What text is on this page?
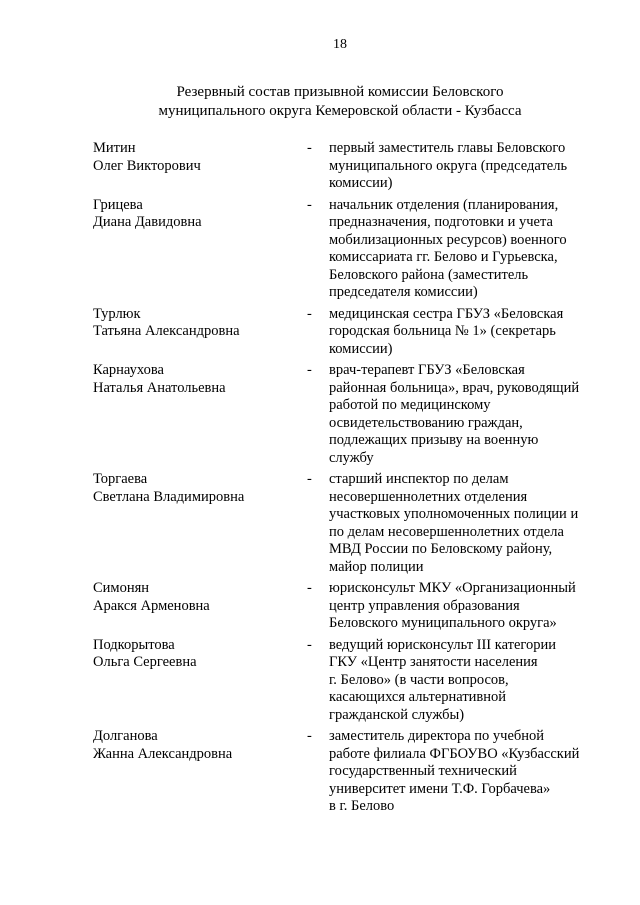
18
Резервный состав призывной комиссии Беловского
муниципального округа Кемеровской области - Кузбасса
Митин
Олег Викторович
- первый заместитель главы Беловского
муниципального округа (председатель
комиссии)
Грицева
Диана Давидовна
- начальник отделения (планирования,
предназначения, подготовки и учета
мобилизационных ресурсов) военного
комиссариата гг. Белово и Гурьевска,
Беловского района (заместитель
председателя комиссии)
Турлюк
Татьяна Александровна
- медицинская сестра ГБУЗ «Беловская
городская больница № 1» (секретарь
комиссии)
Карнаухова
Наталья Анатольевна
- врач-терапевт ГБУЗ «Беловская
районная больница», врач, руководящий
работой по медицинскому
освидетельствованию граждан,
подлежащих призыву на военную
службу
Торгаева
Светлана Владимировна
- старший инспектор по делам
несовершеннолетних отделения
участковых уполномоченных полиции и
по делам несовершеннолетних отдела
МВД России по Беловскому району,
майор полиции
Симонян
Аракся Арменовна
- юрисконсульт МКУ «Организационный
центр управления образования
Беловского муниципального округа»
Подкорытова
Ольга Сергеевна
- ведущий юрисконсульт III категории
ГКУ «Центр занятости населения
г. Белово» (в части вопросов,
касающихся альтернативной
гражданской службы)
Долганова
Жанна Александровна
- заместитель директора по учебной
работе филиала ФГБОУВО «Кузбасский
государственный технический
университет имени Т.Ф. Горбачева»
в г. Белово
